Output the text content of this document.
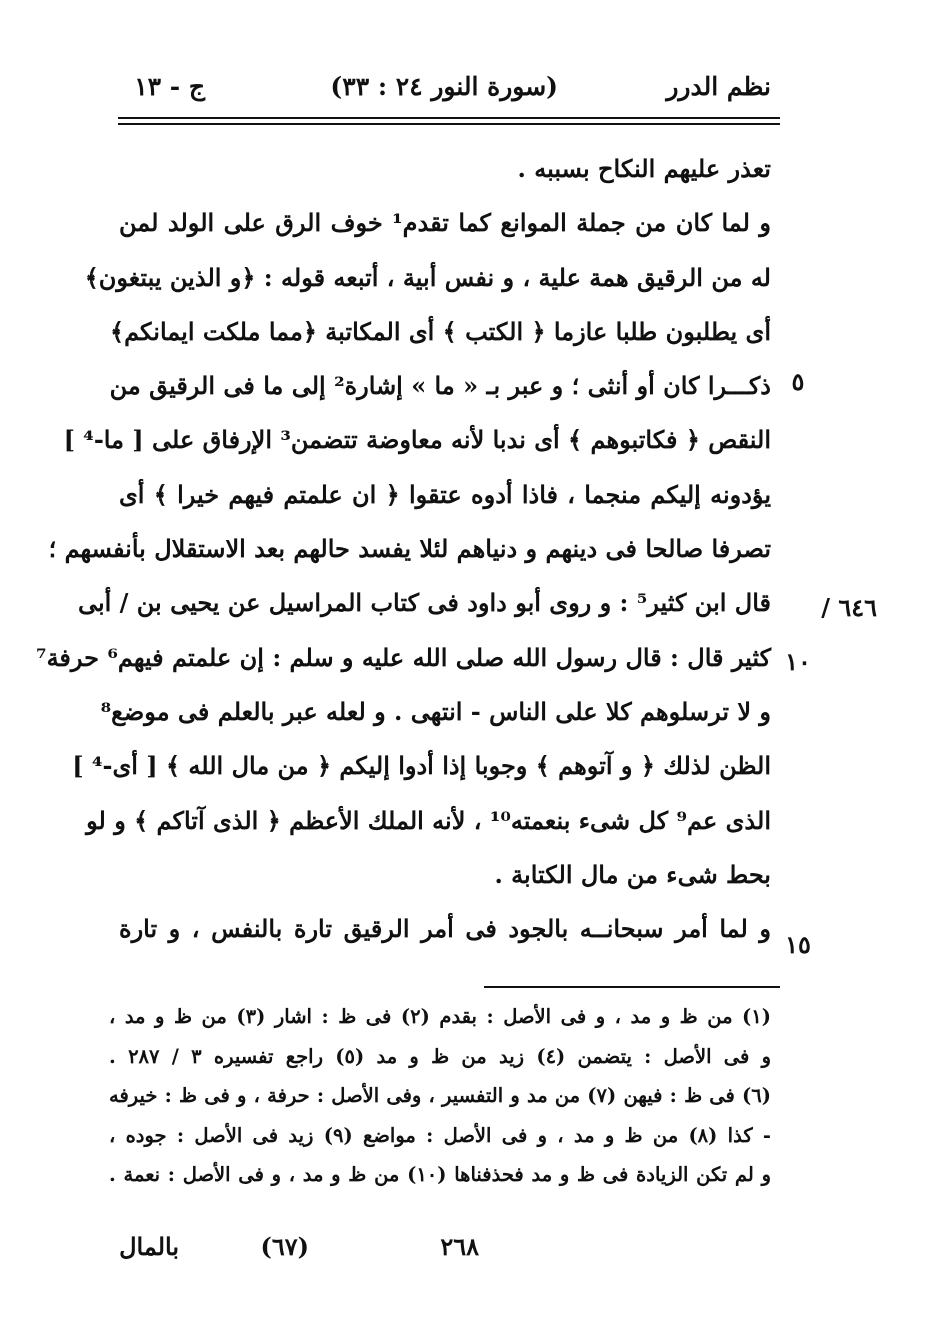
نظم الدرر
(سورة النور ٢٤ : ٣٣)
ج - ١٣
تعذر عليهم النكاح بسببه .
و لما كان من جملة الموانع كما تقدم¹ خوف الرق على الولد لمن
له من الرقيق همة علية ، و نفس أبية ، أتبعه قوله : ﴿و الذين يبتغون﴾
أى يطلبون طلبا عازما ﴿ الكتب ﴾ أى المكاتبة ﴿مما ملكت ايمانكم﴾
ذكـــرا كان أو أنثى ؛ و عبر بـ « ما » إشارة² إلى ما فى الرقيق من
النقص ﴿ فكاتبوهم ﴾ أى ندبا لأنه معاوضة تتضمن³ الإرفاق على [ ما-⁴ ]
يؤدونه إليكم منجما ، فاذا أدوه عتقوا ﴿ ان علمتم فيهم خيرا ﴾ أى
تصرفا صالحا فى دينهم و دنياهم لئلا يفسد حالهم بعد الاستقلال بأنفسهم ؛
قال ابن كثير⁵ : و روى أبو داود فى كتاب المراسيل عن يحيى بن / أبى
كثير قال : قال رسول الله صلى الله عليه و سلم : إن علمتم فيهم⁶ حرفة⁷
و لا ترسلوهم كلا على الناس - انتهى . و لعله عبر بالعلم فى موضع⁸
الظن لذلك ﴿ و آتوهم ﴾ وجوبا إذا أدوا إليكم ﴿ من مال الله ﴾ [ أى-⁴ ]
الذى عم⁹ كل شىء بنعمته¹⁰ ، لأنه الملك الأعظم ﴿ الذى آتاكم ﴾ و لو
بحط شىء من مال الكتابة .
و لما أمر سبحانــه بالجود فى أمر الرقيق تارة بالنفس ، و تارة
٥
١٠
١٥
٦٤٦ /
(١) من ظ و مد ، و فى الأصل : بقدم (٢) فى ظ : اشار (٣) من ظ و مد ،
و فى الأصل : يتضمن (٤) زيد من ظ و مد (٥) راجع تفسيره ٣ / ٢٨٧ .
(٦) فى ظ : فيهن (٧) من مد و التفسير ، وفى الأصل : حرفة ، و فى ظ : خيرفه
- كذا (٨) من ظ و مد ، و فى الأصل : مواضع (٩) زيد فى الأصل : جوده ،
و لم تكن الزيادة فى ظ و مد فحذفناها (١٠) من ظ و مد ، و فى الأصل : نعمة .
٢٦٨
(٦٧)
بالمال
